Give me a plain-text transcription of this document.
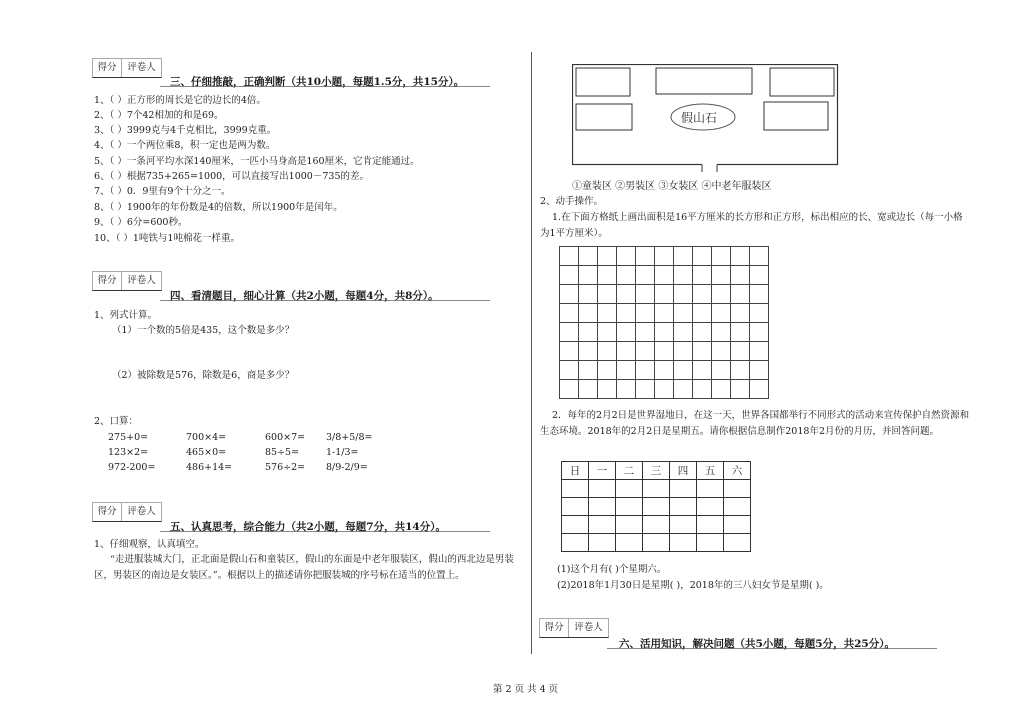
得分	评卷人
三、仔细推敲，正确判断（共10小题，每题1.5分，共15分）。
1、（ ）正方形的周长是它的边长的4倍。
2、（ ）7个42相加的和是69。
3、（ ）3999克与4千克相比，3999克重。
4、（ ）一个两位乘8，积一定也是两为数。
5、（ ）一条河平均水深140厘米，一匹小马身高是160厘米，它肯定能通过。
6、（ ）根据735+265=1000，可以直接写出1000－735的差。
7、（ ）0．9里有9个十分之一。
8、（ ）1900年的年份数是4的倍数，所以1900年是闰年。
9、（ ）6分=600秒。
10、（ ）1吨铁与1吨棉花一样重。
得分	评卷人
四、看清题目，细心计算（共2小题，每题4分，共8分）。
1、列式计算。
（1）一个数的5倍是435，这个数是多少？
（2）被除数是576，除数是6，商是多少？
2、口算：
275+0=	700×4=	600×7= 3/8+5/8=
123×2=	465×0=	85÷5=	1-1/3=
972-200=	486+14=	576÷2= 8/9-2/9=
得分	评卷人
五、认真思考，综合能力（共2小题，每题7分，共14分）。
1、仔细观察，认真填空。
“走进服装城大门，正北面是假山石和童装区，假山的东面是中老年服装区，假山的西北边是男装区，男装区的南边是女装区。”。根据以上的描述请你把服装城的序号标在适当的位置上。
假山石
①童装区 ②男装区 ③女装区 ④中老年服装区
2、动手操作。
1.在下面方格纸上画出面积是16平方厘米的长方形和正方形，标出相应的长、宽或边长（每一小格为1平方厘米）。

2．每年的2月2日是世界湿地日，在这一天，世界各国都举行不同形式的活动来宣传保护自然资源和生态环境。2018年的2月2日是星期五。请你根据信息制作2018年2月份的月历，并回答问题。
日	一	二	三	四	五	六

(1)这个月有( )个星期六。
(2)2018年1月30日是星期( )，2018年的三八妇女节是星期( )。
得分	评卷人
六、活用知识，解决问题（共5小题，每题5分，共25分）。
第 2 页 共 4 页
